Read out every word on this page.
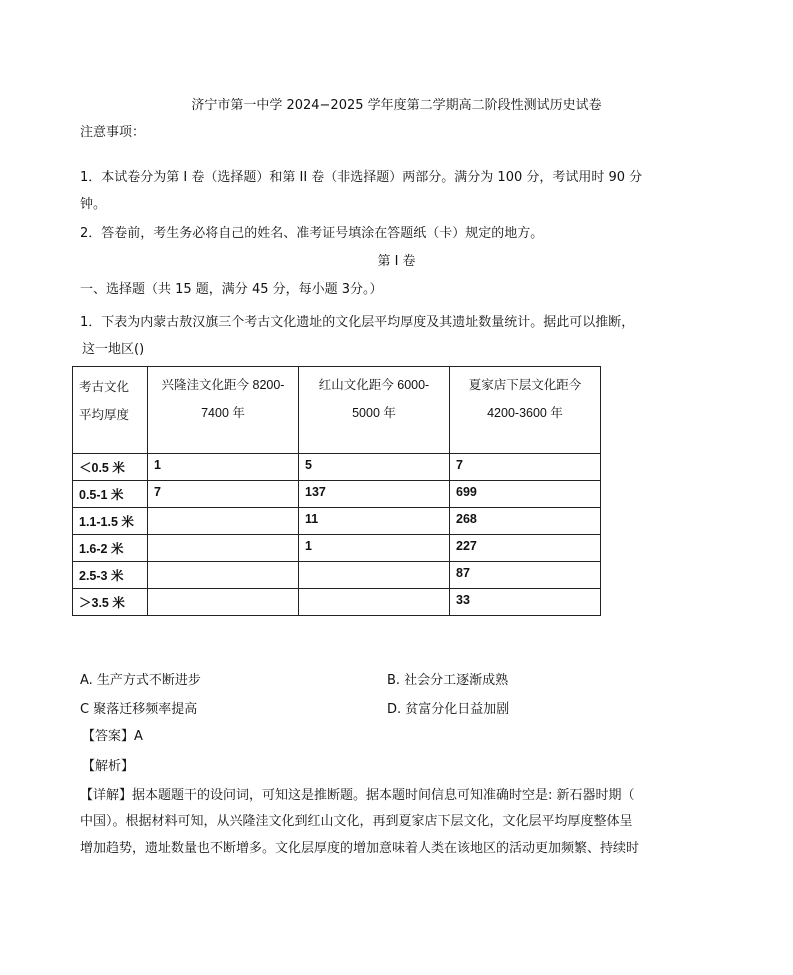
济宁市第一中学 2024−2025 学年度第二学期高二阶段性测试历史试卷
注意事项：
1．本试卷分为第 I 卷（选择题）和第 II 卷（非选择题）两部分。满分为 100 分，考试用时 90 分
钟。
2．答卷前，考生务必将自己的姓名、准考证号填涂在答题纸（卡）规定的地方。
第 I 卷
一、选择题（共 15 题，满分 45 分，每小题 3分。）
1．下表为内蒙古敖汉旗三个考古文化遗址的文化层平均厚度及其遗址数量统计。据此可以推断，
这一地区()
考古文化平均厚度	兴隆洼文化距今 8200-7400 年	红山文化距今 6000-5000 年	夏家店下层文化距今 4200-3600 年
＜0.5 米	1	5	7
0.5-1 米	7	137	699
1.1-1.5 米		11	268
1.6-2 米		1	227
2.5-3 米			87
＞3.5 米			33
A. 生产方式不断进步	B. 社会分工逐渐成熟
C 聚落迁移频率提高	D. 贫富分化日益加剧
【答案】A
【解析】
【详解】据本题题干的设问词，可知这是推断题。据本题时间信息可知准确时空是: 新石器时期（
中国）。根据材料可知，从兴隆洼文化到红山文化，再到夏家店下层文化，文化层平均厚度整体呈
增加趋势，遗址数量也不断增多。文化层厚度的增加意味着人类在该地区的活动更加频繁、持续时
